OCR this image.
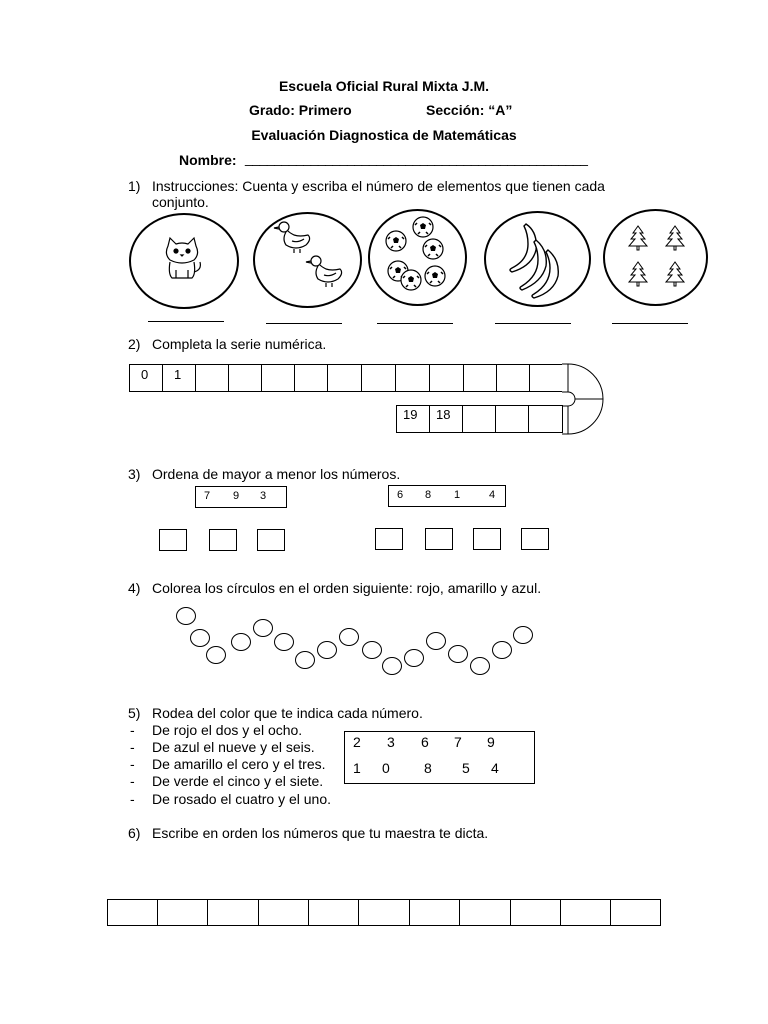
Escuela Oficial Rural Mixta J.M.
Grado: Primero	Sección: “A”
Evaluación Diagnostica de Matemáticas
Nombre: _______________________________________________
1) Instrucciones: Cuenta y escriba el número de elementos que tienen cada
conjunto.
2) Completa la serie numérica.
0 1
19 18
3) Ordena de mayor a menor los números.
7 9 3	6 8 1	4
4) Colorea los círculos en el orden siguiente: rojo, amarillo y azul.
5) Rodea del color que te indica cada número.
- De rojo el dos y el ocho.
- De azul el nueve y el seis.
- De amarillo el cero y el tres.
- De verde el cinco y el siete.
- De rosado el cuatro y el uno.
2 3 6 7 9
1 0 8 5 4
6) Escribe en orden los números que tu maestra te dicta.
